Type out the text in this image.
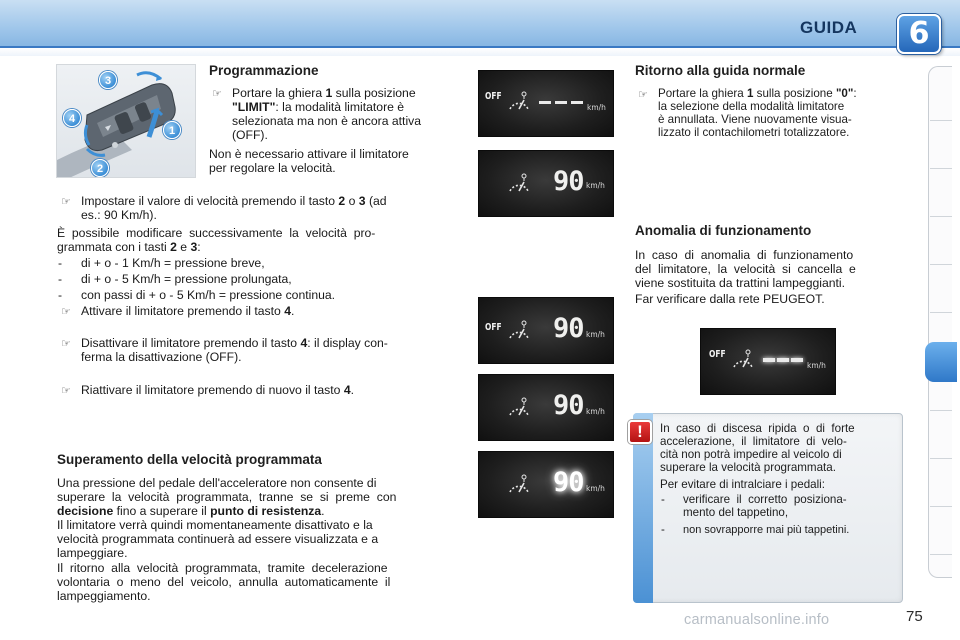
GUIDA	6
3
4
1
2
Programmazione
☞ Portare la ghiera 1 sulla posizione
"LIMIT": la modalità limitatore è
selezionata ma non è ancora attiva
(OFF).
Non è necessario attivare il limitatore
per regolare la velocità.
☞ Impostare il valore di velocità premendo il tasto 2 o 3 (ad
es.: 90 Km/h).
È  possibile  modificare  successivamente  la  velocità  pro-
grammata con i tasti 2 e 3:
- di + o - 1 Km/h = pressione breve,
- di + o - 5 Km/h = pressione prolungata,
- con passi di + o - 5 Km/h = pressione continua.
☞ Attivare il limitatore premendo il tasto 4.
☞ Disattivare il limitatore premendo il tasto 4: il display con-
ferma la disattivazione (OFF).
☞ Riattivare il limitatore premendo di nuovo il tasto 4.
Superamento della velocità programmata
Una pressione del pedale dell'acceleratore non consente di
superare  la  velocità  programmata,  tranne  se  si  preme  con
decisione fino a superare il punto di resistenza.
Il limitatore verrà quindi momentaneamente disattivato e la
velocità programmata continuerà ad essere visualizzata e a
lampeggiare.
Il  ritorno  alla  velocità  programmata,  tramite  decelerazione
volontaria  o  meno  del  veicolo,  annulla  automaticamente  il
lampeggiamento.
OFF
km/h
90 km/h
OFF 90 km/h
90 km/h
90 km/h
Ritorno alla guida normale
☞ Portare la ghiera 1 sulla posizione "0":
la selezione della modalità limitatore
è annullata. Viene nuovamente visua-
lizzato il contachilometri totalizzatore.
Anomalia di funzionamento
In  caso  di  anomalia  di  funzionamento
del  limitatore,  la  velocità  si  cancella  e
viene sostituita da trattini lampeggianti.
Far verificare dalla rete PEUGEOT.
OFF
km/h
!	In  caso  di  discesa  ripida  o  di  forte
accelerazione,  il  limitatore  di  velo-
cità non potrà impedire al veicolo di
superare la velocità programmata.
Per evitare di intralciare i pedali:
- verificare  il  corretto  posiziona-
mento del tappetino,
- non sovrapporre mai più tappetini.
carmanualsonline.info	75
